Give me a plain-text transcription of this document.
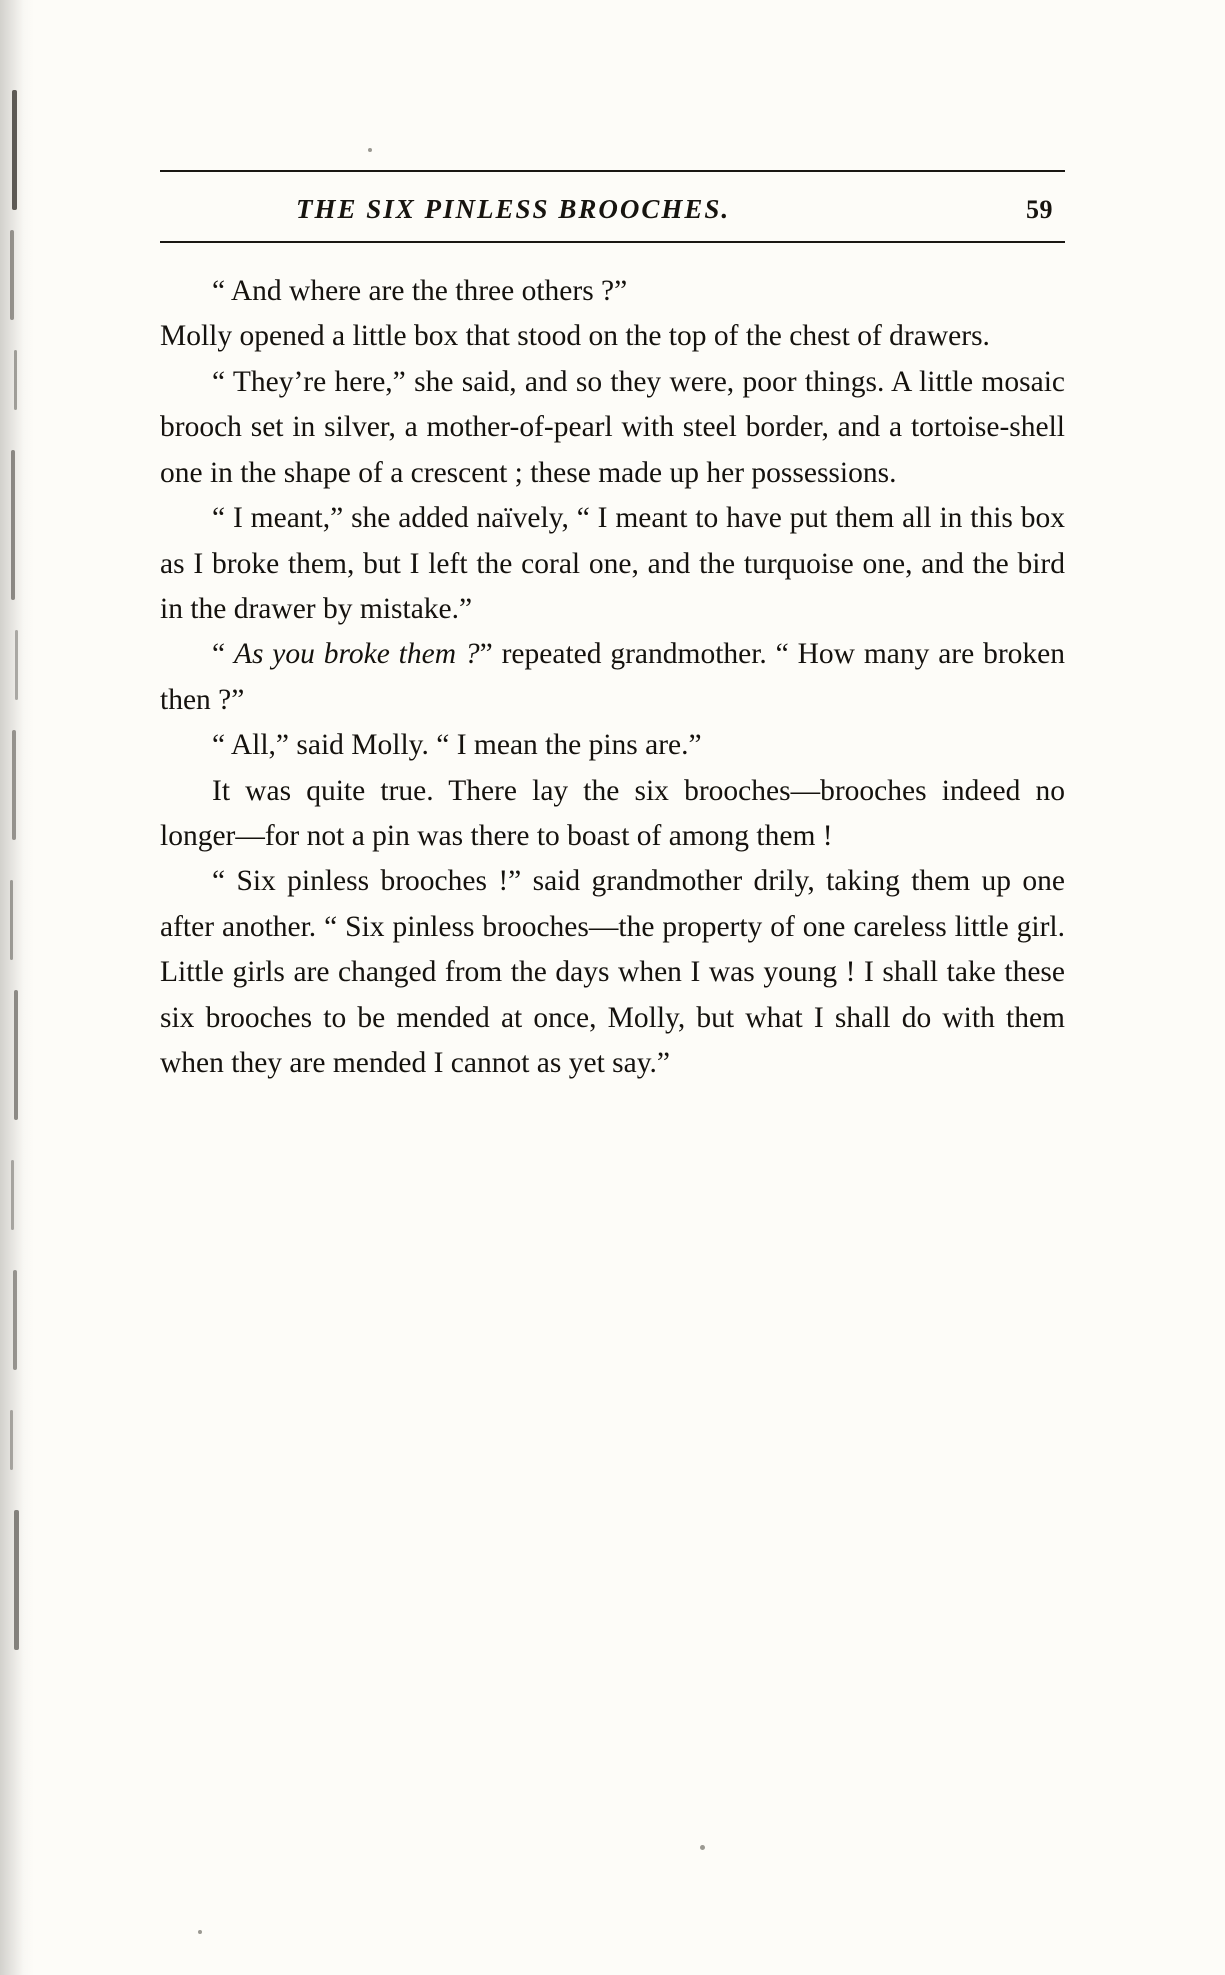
THE SIX PINLESS BROOCHES.	59

“ And where are the three others ?”

Molly opened a little box that stood on the top of the chest of drawers.

“ They’re here,” she said, and so they were, poor things. A little mosaic brooch set in silver, a mother-of-pearl with steel border, and a tortoise-shell one in the shape of a crescent ; these made up her possessions.

“ I meant,” she added naïvely, “ I meant to have put them all in this box as I broke them, but I left the coral one, and the turquoise one, and the bird in the drawer by mistake.”

“ As you broke them ?” repeated grandmother. “ How many are broken then ?”

“ All,” said Molly. “ I mean the pins are.”

It was quite true. There lay the six brooches—brooches indeed no longer—for not a pin was there to boast of among them !

“ Six pinless brooches !” said grandmother drily, taking them up one after another. “ Six pinless brooches—the property of one careless little girl. Little girls are changed from the days when I was young ! I shall take these six brooches to be mended at once, Molly, but what I shall do with them when they are mended I cannot as yet say.”
